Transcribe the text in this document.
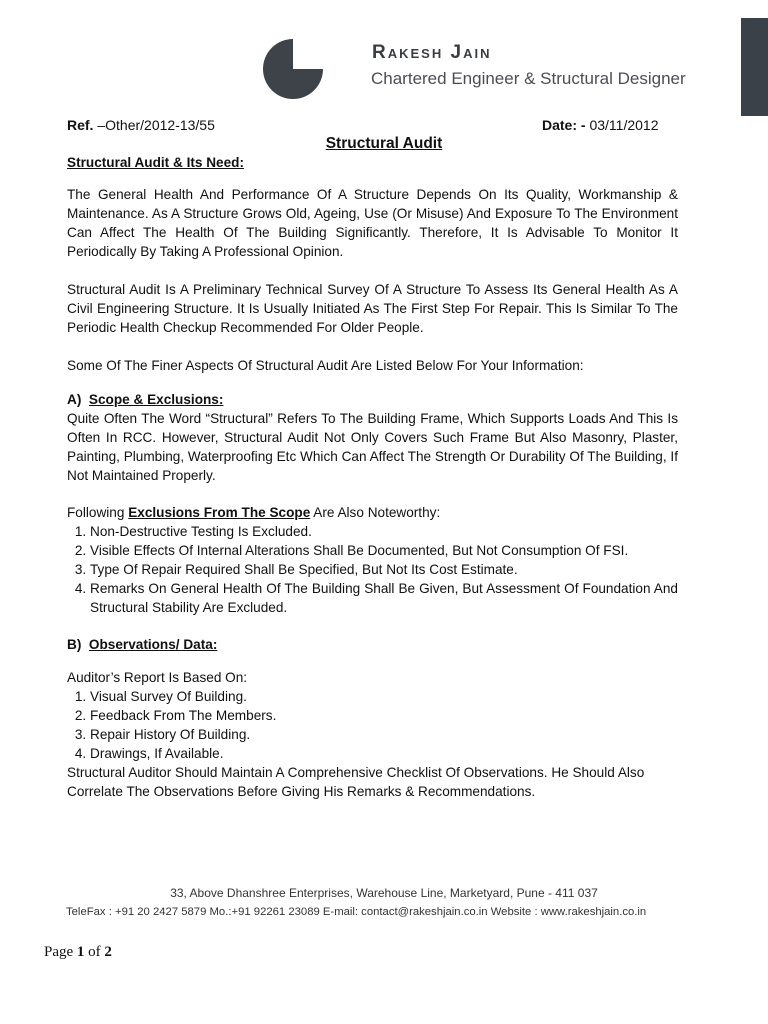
Rakesh Jain
Chartered Engineer & Structural Designer
Ref. –Other/2012-13/55	Date: - 03/11/2012
Structural Audit
Structural Audit & Its Need:

The General Health And Performance Of A Structure Depends On Its Quality, Workmanship & Maintenance. As A Structure Grows Old, Ageing, Use (Or Misuse) And Exposure To The Environment Can Affect The Health Of The Building Significantly. Therefore, It Is Advisable To Monitor It Periodically By Taking A Professional Opinion.

Structural Audit Is A Preliminary Technical Survey Of A Structure To Assess Its General Health As A Civil Engineering Structure. It Is Usually Initiated As The First Step For Repair. This Is Similar To The Periodic Health Checkup Recommended For Older People.

Some Of The Finer Aspects Of Structural Audit Are Listed Below For Your Information:

A) Scope & Exclusions:

Quite Often The Word “Structural” Refers To The Building Frame, Which Supports Loads And This Is Often In RCC. However, Structural Audit Not Only Covers Such Frame But Also Masonry, Plaster, Painting, Plumbing, Waterproofing Etc Which Can Affect The Strength Or Durability Of The Building, If Not Maintained Properly.

Following Exclusions From The Scope Are Also Noteworthy:
1. Non-Destructive Testing Is Excluded.
2. Visible Effects Of Internal Alterations Shall Be Documented, But Not Consumption Of FSI.
3. Type Of Repair Required Shall Be Specified, But Not Its Cost Estimate.
4. Remarks On General Health Of The Building Shall Be Given, But Assessment Of Foundation And Structural Stability Are Excluded.
B) Observations/ Data:
Auditor’s Report Is Based On:
1. Visual Survey Of Building.
2. Feedback From The Members.
3. Repair History Of Building.
4. Drawings, If Available.

Structural Auditor Should Maintain A Comprehensive Checklist Of Observations. He Should Also Correlate The Observations Before Giving His Remarks & Recommendations.

33, Above Dhanshree Enterprises, Warehouse Line, Marketyard, Pune - 411 037
TeleFax : +91 20 2427 5879 Mo.:+91 92261 23089 E-mail: contact@rakeshjain.co.in Website : www.rakeshjain.co.in
Page 1 of 2
